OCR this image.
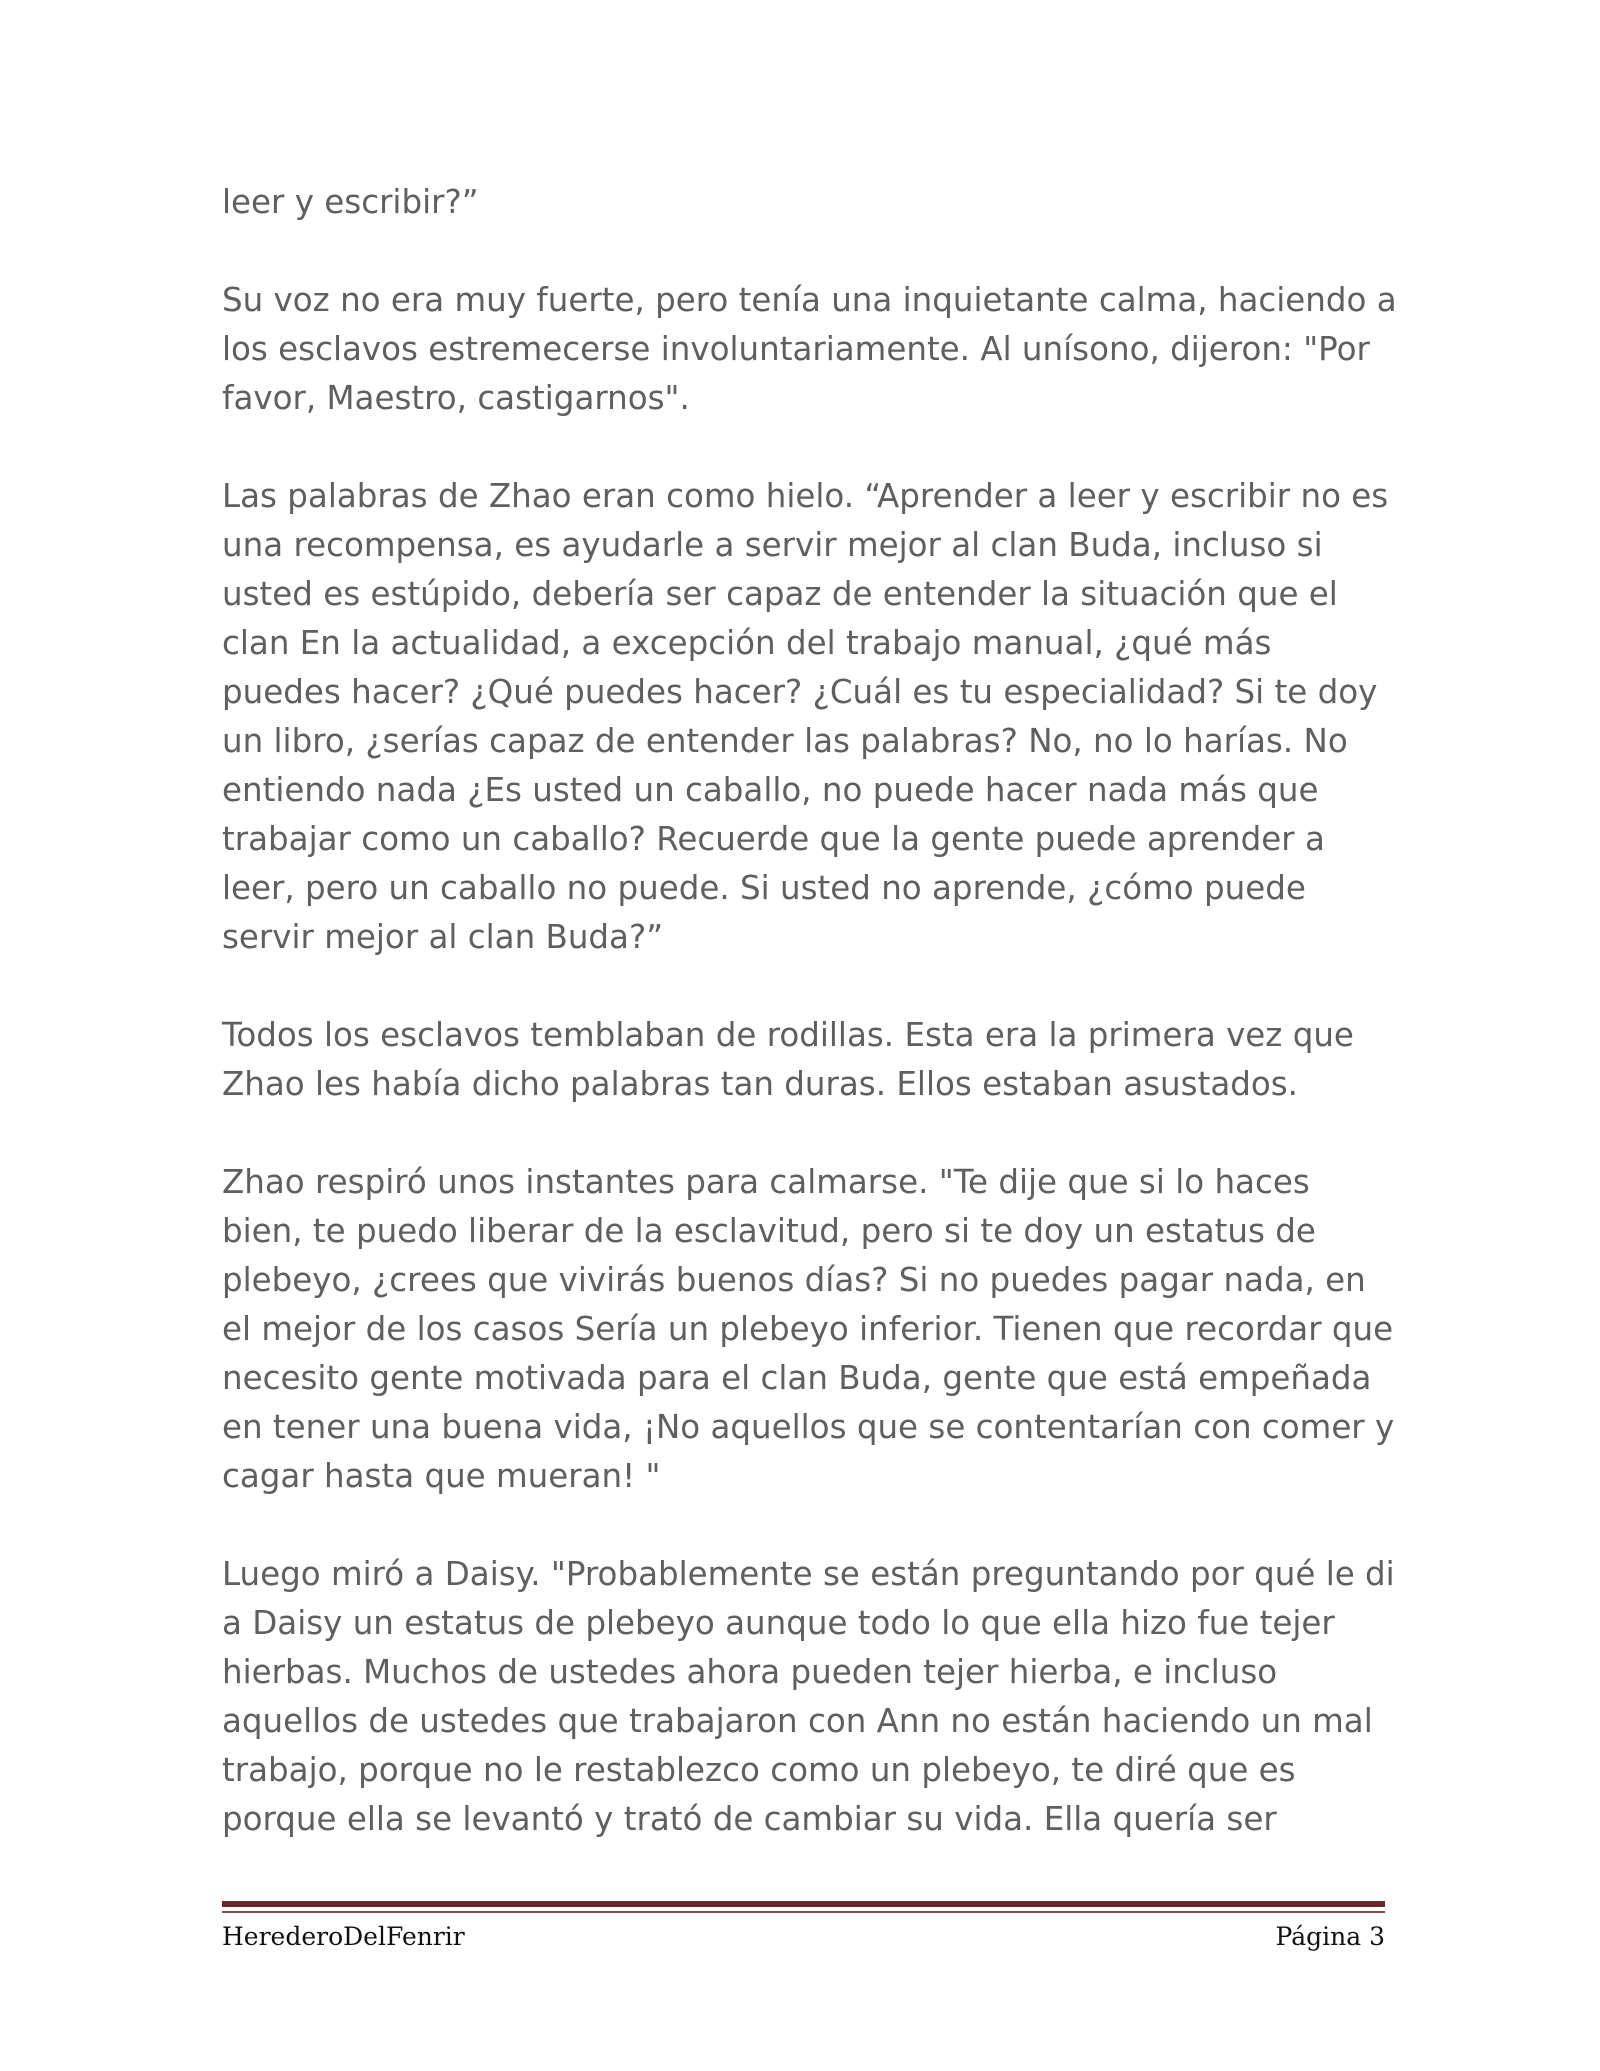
leer y escribir?”

Su voz no era muy fuerte, pero tenía una inquietante calma, haciendo a los esclavos estremecerse involuntariamente. Al unísono, dijeron: "Por favor, Maestro, castigarnos".

Las palabras de Zhao eran como hielo. “Aprender a leer y escribir no es una recompensa, es ayudarle a servir mejor al clan Buda, incluso si usted es estúpido, debería ser capaz de entender la situación que el clan En la actualidad, a excepción del trabajo manual, ¿qué más puedes hacer? ¿Qué puedes hacer? ¿Cuál es tu especialidad? Si te doy un libro, ¿serías capaz de entender las palabras? No, no lo harías. No entiendo nada ¿Es usted un caballo, no puede hacer nada más que trabajar como un caballo? Recuerde que la gente puede aprender a leer, pero un caballo no puede. Si usted no aprende, ¿cómo puede servir mejor al clan Buda?”

Todos los esclavos temblaban de rodillas. Esta era la primera vez que Zhao les había dicho palabras tan duras. Ellos estaban asustados.

Zhao respiró unos instantes para calmarse. "Te dije que si lo haces bien, te puedo liberar de la esclavitud, pero si te doy un estatus de plebeyo, ¿crees que vivirás buenos días? Si no puedes pagar nada, en el mejor de los casos Sería un plebeyo inferior. Tienen que recordar que necesito gente motivada para el clan Buda, gente que está empeñada en tener una buena vida, ¡No aquellos que se contentarían con comer y cagar hasta que mueran! "

Luego miró a Daisy. "Probablemente se están preguntando por qué le di a Daisy un estatus de plebeyo aunque todo lo que ella hizo fue tejer hierbas. Muchos de ustedes ahora pueden tejer hierba, e incluso aquellos de ustedes que trabajaron con Ann no están haciendo un mal trabajo, porque no le restablezco como un plebeyo, te diré que es porque ella se levantó y trató de cambiar su vida. Ella quería ser

HerederoDelFenrir	Página 3
